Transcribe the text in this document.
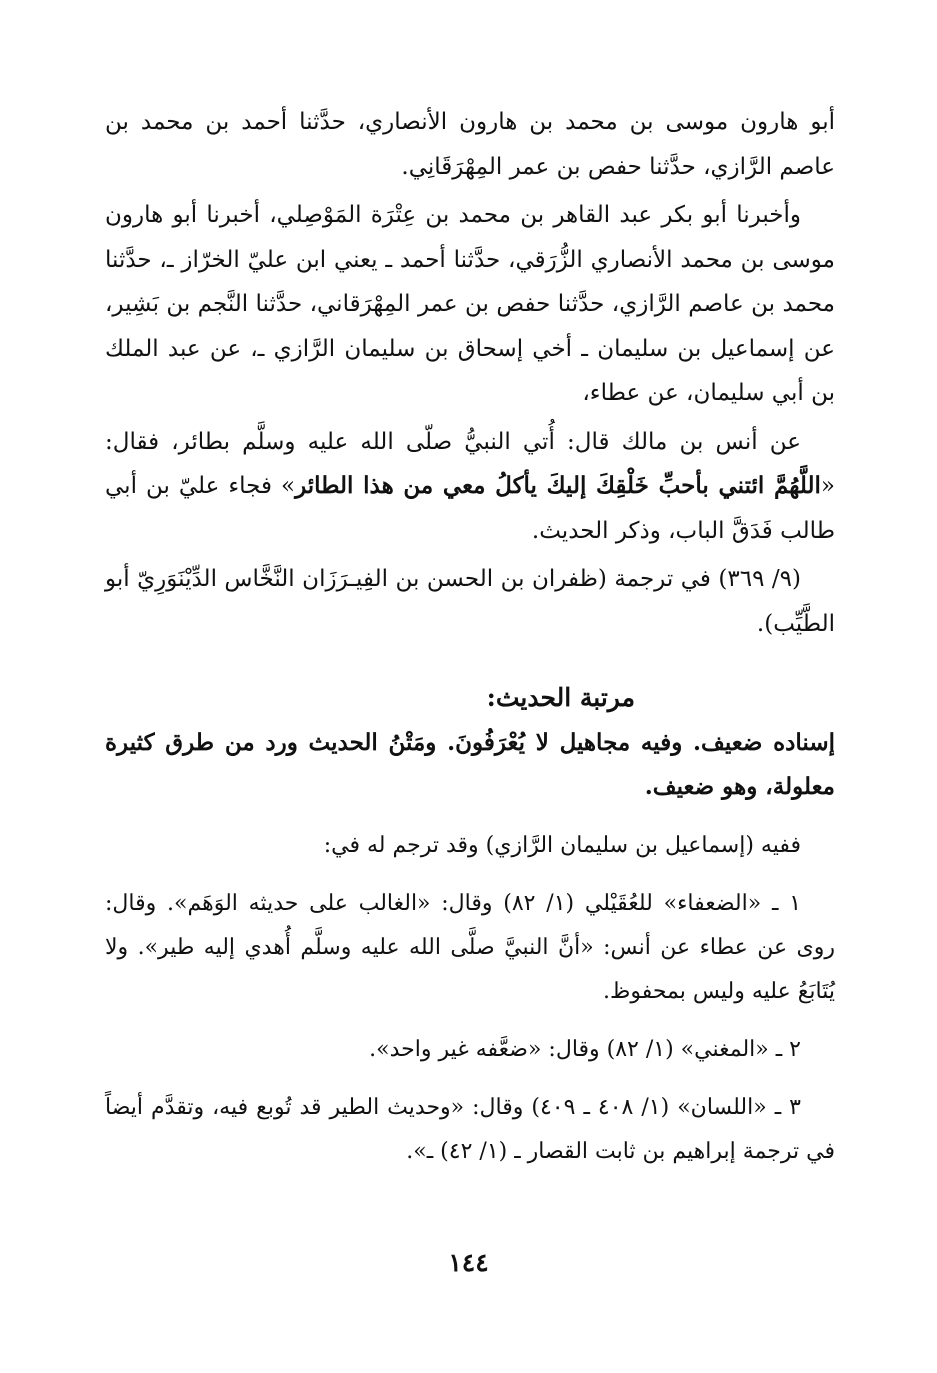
أبو هارون موسى بن محمد بن هارون الأنصاري، حدَّثنا أحمد بن محمد بن عاصم الرَّازي، حدَّثنا حفص بن عمر المِهْرَقَانِي.

وأخبرنا أبو بكر عبد القاهر بن محمد بن عِتْرَة المَوْصِلي، أخبرنا أبو هارون موسى بن محمد الأنصاري الزُّرَقي، حدَّثنا أحمد ـ يعني ابن عليّ الخرّاز ـ، حدَّثنا محمد بن عاصم الرَّازي، حدَّثنا حفص بن عمر المِهْرَقاني، حدَّثنا النَّجم بن بَشِير، عن إسماعيل بن سليمان ـ أخي إسحاق بن سليمان الرَّازي ـ، عن عبد الملك بن أبي سليمان، عن عطاء،

عن أنس بن مالك قال: أُتي النبيُّ صلّى الله عليه وسلَّم بطائر، فقال: «اللَّهُمَّ ائتني بأحبِّ خَلْقِكَ إليكَ يأكلُ معي من هذا الطائر» فجاء عليّ بن أبي طالب فَدَقَّ الباب، وذكر الحديث.

(٩/ ٣٦٩) في ترجمة (ظفران بن الحسن بن الفِيـرَزَان النَّخَّاس الدِّيْنَوَرِيّ أبو الطَّيِّب).

مرتبة الحديث:

إسناده ضعيف. وفيه مجاهيل لا يُعْرَفُونَ. ومَتْنُ الحديث ورد من طرق كثيرة معلولة، وهو ضعيف.

ففيه (إسماعيل بن سليمان الرَّازي) وقد ترجم له في:

١ ـ «الضعفاء» للعُقَيْلي (١/ ٨٢) وقال: «الغالب على حديثه الوَهَم». وقال: روى عن عطاء عن أنس: «أنَّ النبيَّ صلَّى الله عليه وسلَّم أُهدي إليه طير». ولا يُتَابَعُ عليه وليس بمحفوظ.

٢ ـ «المغني» (١/ ٨٢) وقال: «ضعَّفه غير واحد».

٣ ـ «اللسان» (١/ ٤٠٨ ـ ٤٠٩) وقال: «وحديث الطير قد تُوبع فيه، وتقدَّم أيضاً في ترجمة إبراهيم بن ثابت القصار ـ (١/ ٤٢) ـ».

١٤٤
